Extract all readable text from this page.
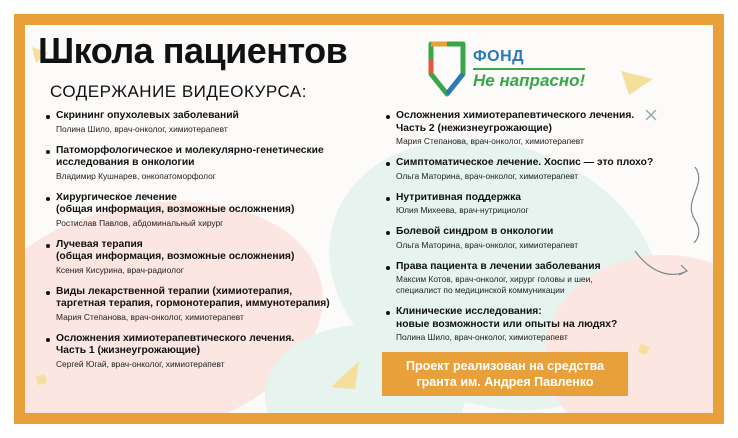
Школа пациентов
СОДЕРЖАНИЕ ВИДЕОКУРСА:
ФОНД
Не напрасно!
Скрининг опухолевых заболеваний
Полина Шило, врач-онколог, химиотерапевт
Патоморфологическое и молекулярно-генетические
исследования в онкологии
Владимир Кушнарев, онкопатоморфолог
Хирургическое лечение
(общая информация, возможные осложнения)
Ростислав Павлов, абдоминальный хирург
Лучевая терапия
(общая информация, возможные осложнения)
Ксения Кисурина, врач-радиолог
Виды лекарственной терапии (химиотерапия,
таргетная терапия, гормонотерапия, иммунотерапия)
Мария Степанова, врач-онколог, химиотерапевт
Осложнения химиотерапевтического лечения.
Часть 1 (жизнеугрожающие)
Сергей Югай, врач-онколог, химиотерапевт
Осложнения химиотерапевтического лечения.
Часть 2 (нежизнеугрожающие)
Мария Степанова, врач-онколог, химиотерапевт
Симптоматическое лечение. Хоспис — это плохо?
Ольга Маторина, врач-онколог, химиотерапевт
Нутритивная поддержка
Юлия Михеева, врач-нутрициолог
Болевой синдром в онкологии
Ольга Маторина, врач-онколог, химиотерапевт
Права пациента в лечении заболевания
Максим Котов, врач-онколог, хирург головы и шеи,
специалист по медицинской коммуникации
Клинические исследования:
новые возможности или опыты на людях?
Полина Шило, врач-онколог, химиотерапевт
Проект реализован на средства
гранта им. Андрея Павленко
